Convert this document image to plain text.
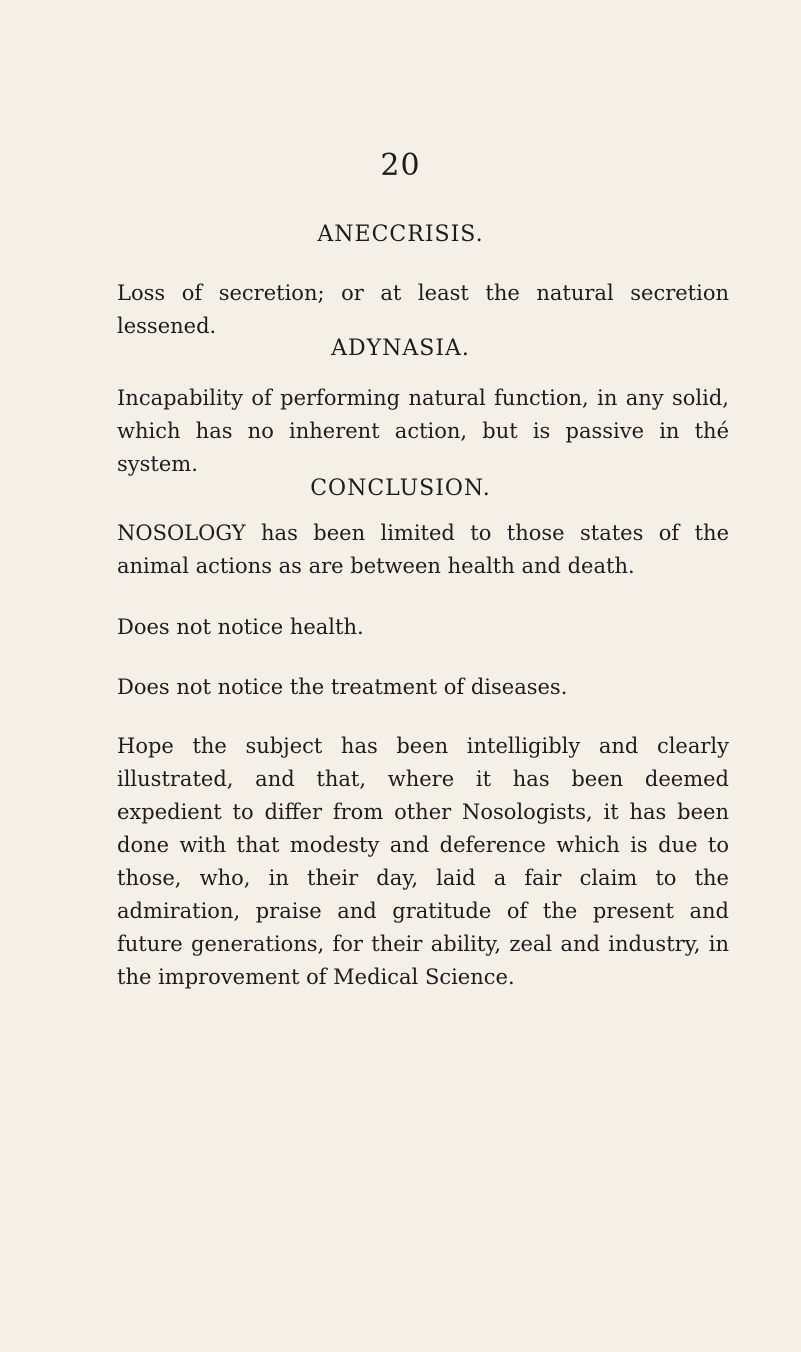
20
ANECCRISIS.

Loss of secretion; or at least the natural secretion lessened.

ADYNASIA.

Incapability of performing natural function, in any solid, which has no inherent action, but is passive in thé system.

CONCLUSION.

NOSOLOGY has been limited to those states of the animal actions as are between health and death.

Does not notice health.

Does not notice the treatment of diseases.

Hope the subject has been intelligibly and clearly illustrated, and that, where it has been deemed expedient to differ from other Nosologists, it has been done with that modesty and deference which is due to those, who, in their day, laid a fair claim to the admiration, praise and gratitude of the present and future generations, for their ability, zeal and industry, in the improvement of Medical Science.
